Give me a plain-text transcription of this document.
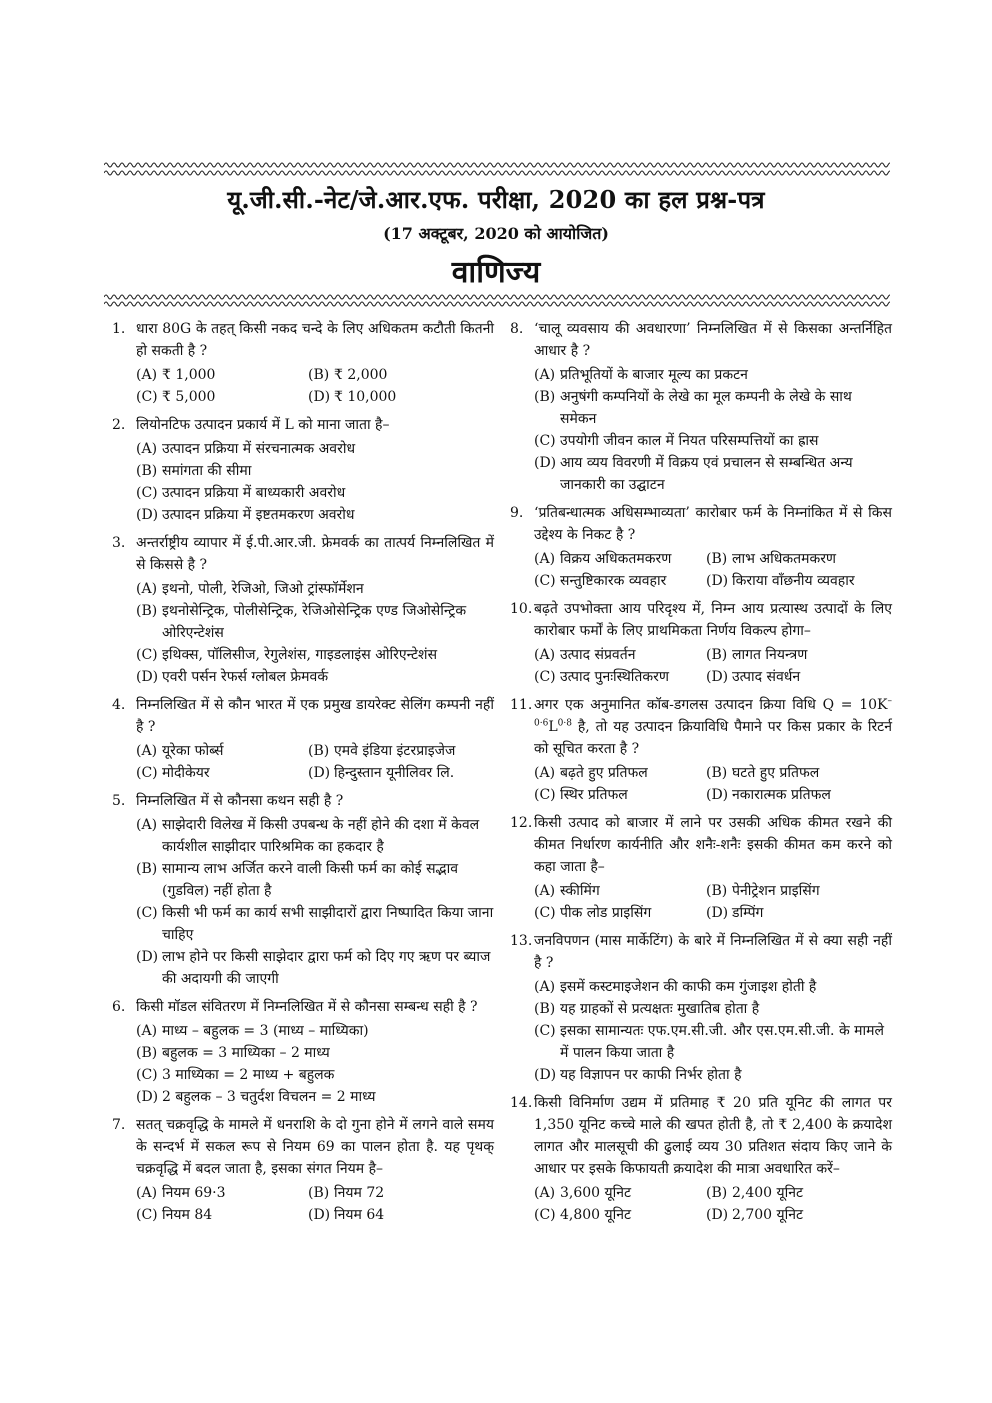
यू.जी.सी.-नेट/जे.आर.एफ. परीक्षा, 2020 का हल प्रश्न-पत्र
(17 अक्टूबर, 2020 को आयोजित)
वाणिज्य
1. धारा 80G के तहत् किसी नकद चन्दे के लिए अधिकतम कटौती कितनी हो सकती है ?
(A) ₹ 1,000	(B) ₹ 2,000
(C) ₹ 5,000	(D) ₹ 10,000
2. लियोनटिफ उत्पादन प्रकार्य में L को माना जाता है–
(A) उत्पादन प्रक्रिया में संरचनात्मक अवरोध
(B) समांगता की सीमा
(C) उत्पादन प्रक्रिया में बाध्यकारी अवरोध
(D) उत्पादन प्रक्रिया में इष्टतमकरण अवरोध
3. अन्तर्राष्ट्रीय व्यापार में ई.पी.आर.जी. फ्रेमवर्क का तात्पर्य निम्नलिखित में से किससे है ?
(A) इथनो, पोली, रेजिओ, जिओ ट्रांस्फॉर्मेशन
(B) इथनोसेन्ट्रिक, पोलीसेन्ट्रिक, रेजिओसेन्ट्रिक एण्ड जिओसेन्ट्रिक ओरिएन्टेशंस
(C) इथिक्स, पॉलिसीज, रेगुलेशंस, गाइडलाइंस ओरिएन्टेशंस
(D) एवरी पर्सन रेफर्स ग्लोबल फ्रेमवर्क
4. निम्नलिखित में से कौन भारत में एक प्रमुख डायरेक्ट सेलिंग कम्पनी नहीं है ?
(A) यूरेका फोर्ब्स	(B) एमवे इंडिया इंटरप्राइजेज
(C) मोदीकेयर	(D) हिन्दुस्तान यूनीलिवर लि.
5. निम्नलिखित में से कौनसा कथन सही है ?
(A) साझेदारी विलेख में किसी उपबन्ध के नहीं होने की दशा में केवल कार्यशील साझीदार पारिश्रमिक का हकदार है
(B) सामान्य लाभ अर्जित करने वाली किसी फर्म का कोई सद्भाव (गुडविल) नहीं होता है
(C) किसी भी फर्म का कार्य सभी साझीदारों द्वारा निष्पादित किया जाना चाहिए
(D) लाभ होने पर किसी साझेदार द्वारा फर्म को दिए गए ऋण पर ब्याज की अदायगी की जाएगी
6. किसी मॉडल संवितरण में निम्नलिखित में से कौनसा सम्बन्ध सही है ?
(A) माध्य – बहुलक = 3 (माध्य – माध्यिका)
(B) बहुलक = 3 माध्यिका – 2 माध्य
(C) 3 माध्यिका = 2 माध्य + बहुलक
(D) 2 बहुलक – 3 चतुर्दश विचलन = 2 माध्य
7. सतत् चक्रवृद्धि के मामले में धनराशि के दो गुना होने में लगने वाले समय के सन्दर्भ में सकल रूप से नियम 69 का पालन होता है. यह पृथक् चक्रवृद्धि में बदल जाता है, इसका संगत नियम है–
(A) नियम 69·3	(B) नियम 72
(C) नियम 84	(D) नियम 64
8. ‘चालू व्यवसाय की अवधारणा’ निम्नलिखित में से किसका अन्तर्निहित आधार है ?
(A) प्रतिभूतियों के बाजार मूल्य का प्रकटन
(B) अनुषंगी कम्पनियों के लेखे का मूल कम्पनी के लेखे के साथ समेकन
(C) उपयोगी जीवन काल में नियत परिसम्पत्तियों का ह्रास
(D) आय व्यय विवरणी में विक्रय एवं प्रचालन से सम्बन्धित अन्य जानकारी का उद्घाटन
9. ‘प्रतिबन्धात्मक अधिसम्भाव्यता’ कारोबार फर्म के निम्नांकित में से किस उद्देश्य के निकट है ?
(A) विक्रय अधिकतमकरण	(B) लाभ अधिकतमकरण
(C) सन्तुष्टिकारक व्यवहार	(D) किराया वाँछनीय व्यवहार
10. बढ़ते उपभोक्ता आय परिदृश्य में, निम्न आय प्रत्यास्थ उत्पादों के लिए कारोबार फर्मों के लिए प्राथमिकता निर्णय विकल्प होगा–
(A) उत्पाद संप्रवर्तन	(B) लागत नियन्त्रण
(C) उत्पाद पुनःस्थितिकरण	(D) उत्पाद संवर्धन
11. अगर एक अनुमानित कॉब-डगलस उत्पादन क्रिया विधि $Q = 10K^{-0\cdot 6}L^{0\cdot 8}$ है, तो यह उत्पादन क्रियाविधि पैमाने पर किस प्रकार के रिटर्न को सूचित करता है ?
(A) बढ़ते हुए प्रतिफल	(B) घटते हुए प्रतिफल
(C) स्थिर प्रतिफल	(D) नकारात्मक प्रतिफल
12. किसी उत्पाद को बाजार में लाने पर उसकी अधिक कीमत रखने की कीमत निर्धारण कार्यनीति और शनैः-शनैः इसकी कीमत कम करने को कहा जाता है–
(A) स्कीमिंग	(B) पेनीट्रेशन प्राइसिंग
(C) पीक लोड प्राइसिंग	(D) डम्पिंग
13. जनविपणन (मास मार्केटिंग) के बारे में निम्नलिखित में से क्या सही नहीं है ?
(A) इसमें कस्टमाइजेशन की काफी कम गुंजाइश होती है
(B) यह ग्राहकों से प्रत्यक्षतः मुखातिब होता है
(C) इसका सामान्यतः एफ.एम.सी.जी. और एस.एम.सी.जी. के मामले में पालन किया जाता है
(D) यह विज्ञापन पर काफी निर्भर होता है
14. किसी विनिर्माण उद्यम में प्रतिमाह ₹ 20 प्रति यूनिट की लागत पर 1,350 यूनिट कच्चे माले की खपत होती है, तो ₹ 2,400 के क्रयादेश लागत और मालसूची की ढुलाई व्यय 30 प्रतिशत संदाय किए जाने के आधार पर इसके किफायती क्रयादेश की मात्रा अवधारित करें–
(A) 3,600 यूनिट	(B) 2,400 यूनिट
(C) 4,800 यूनिट	(D) 2,700 यूनिट
